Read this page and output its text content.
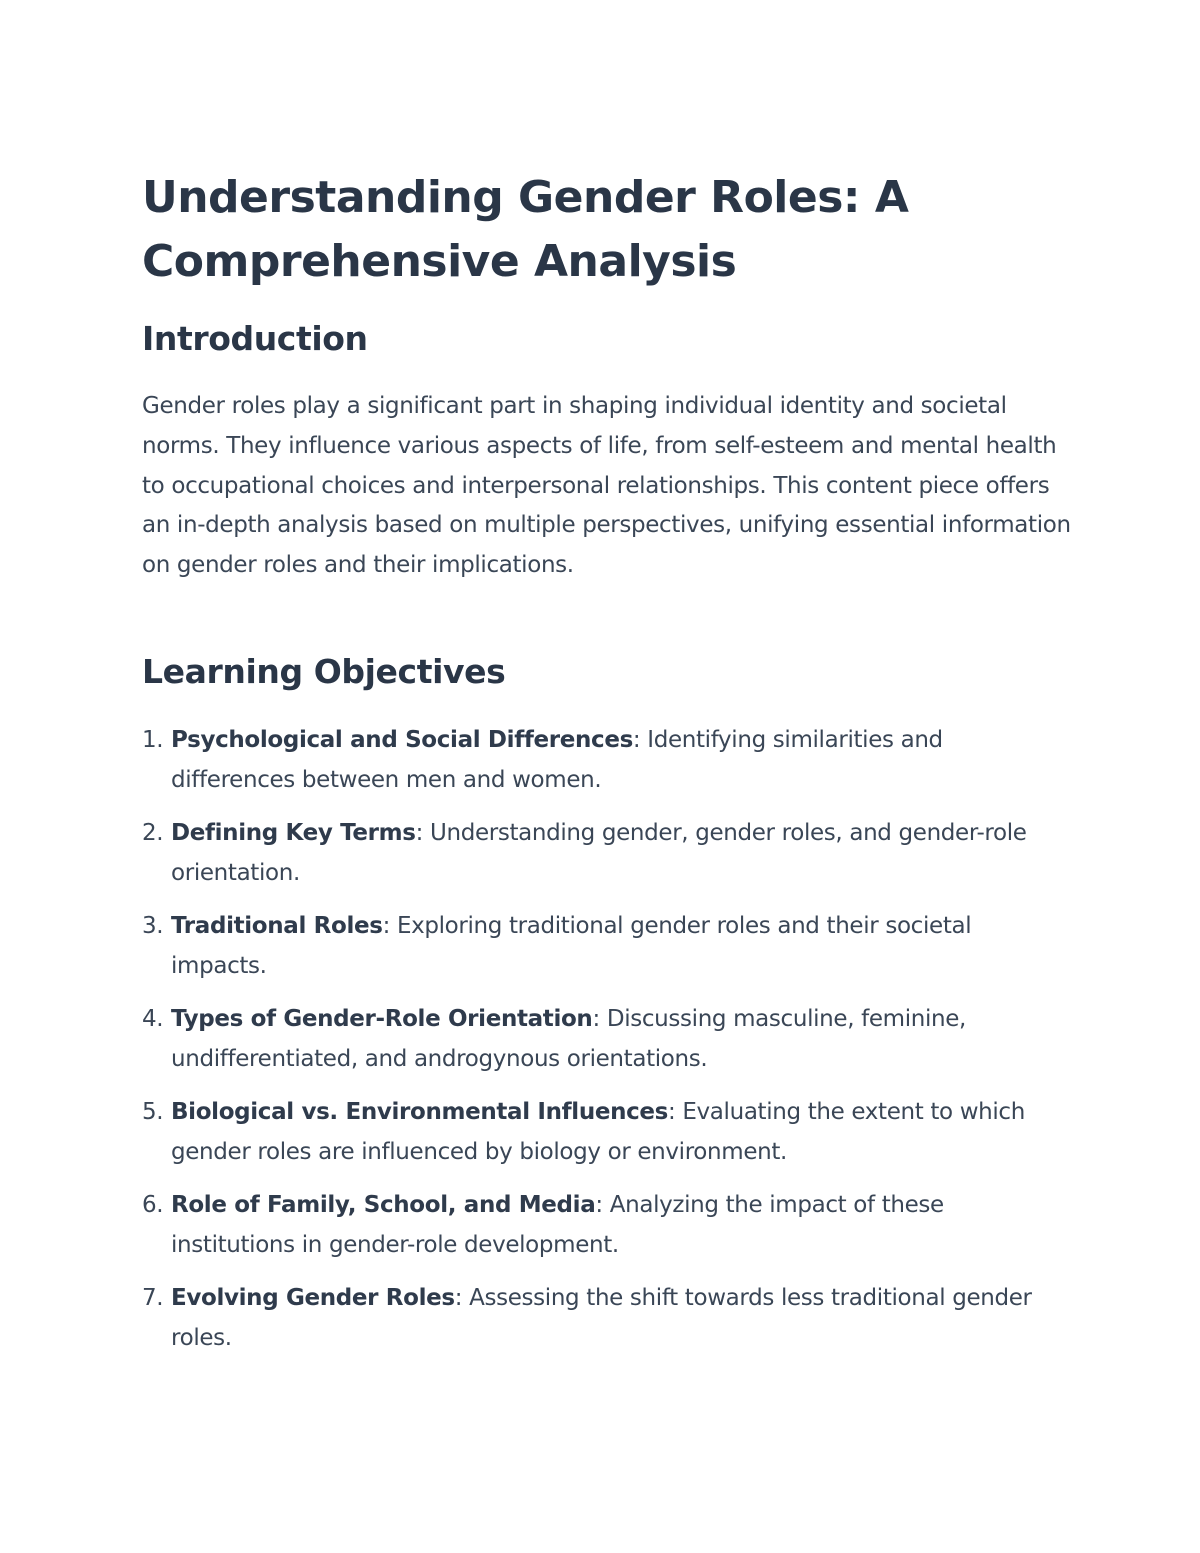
Understanding Gender Roles: A Comprehensive Analysis
Introduction

Gender roles play a significant part in shaping individual identity and societal norms. They influence various aspects of life, from self-esteem and mental health to occupational choices and interpersonal relationships. This content piece offers an in-depth analysis based on multiple perspectives, unifying essential information on gender roles and their implications.

Learning Objectives
1. Psychological and Social Differences: Identifying similarities and differences between men and women.
2. Defining Key Terms: Understanding gender, gender roles, and gender-role orientation.
3. Traditional Roles: Exploring traditional gender roles and their societal impacts.
4. Types of Gender-Role Orientation: Discussing masculine, feminine, undifferentiated, and androgynous orientations.
5. Biological vs. Environmental Influences: Evaluating the extent to which gender roles are influenced by biology or environment.
6. Role of Family, School, and Media: Analyzing the impact of these institutions in gender-role development.
7. Evolving Gender Roles: Assessing the shift towards less traditional gender roles.
